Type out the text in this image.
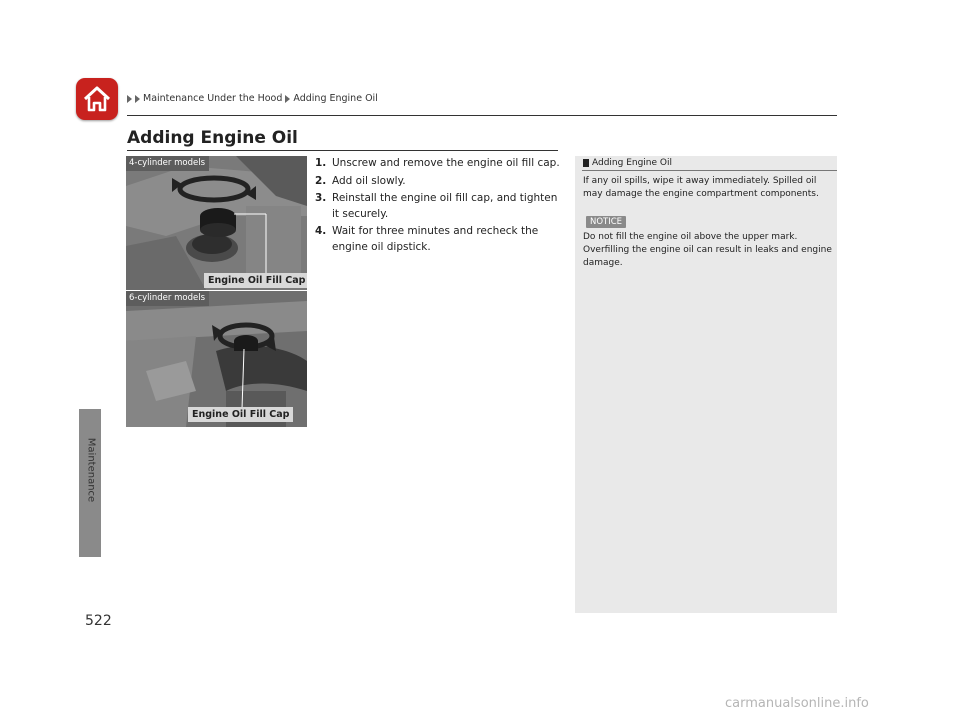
Maintenance Under the Hood Adding Engine Oil
Maintenance
522
Adding Engine Oil
4-cylinder models
Engine Oil Fill Cap
6-cylinder models
Engine Oil Fill Cap
1. Unscrew and remove the engine oil fill cap.
2. Add oil slowly.
3. Reinstall the engine oil fill cap, and tighten it securely.
4. Wait for three minutes and recheck the engine oil dipstick.
Adding Engine Oil
If any oil spills, wipe it away immediately. Spilled oil may damage the engine compartment components.
NOTICE
Do not fill the engine oil above the upper mark. Overfilling the engine oil can result in leaks and engine damage.
carmanualsonline.info
